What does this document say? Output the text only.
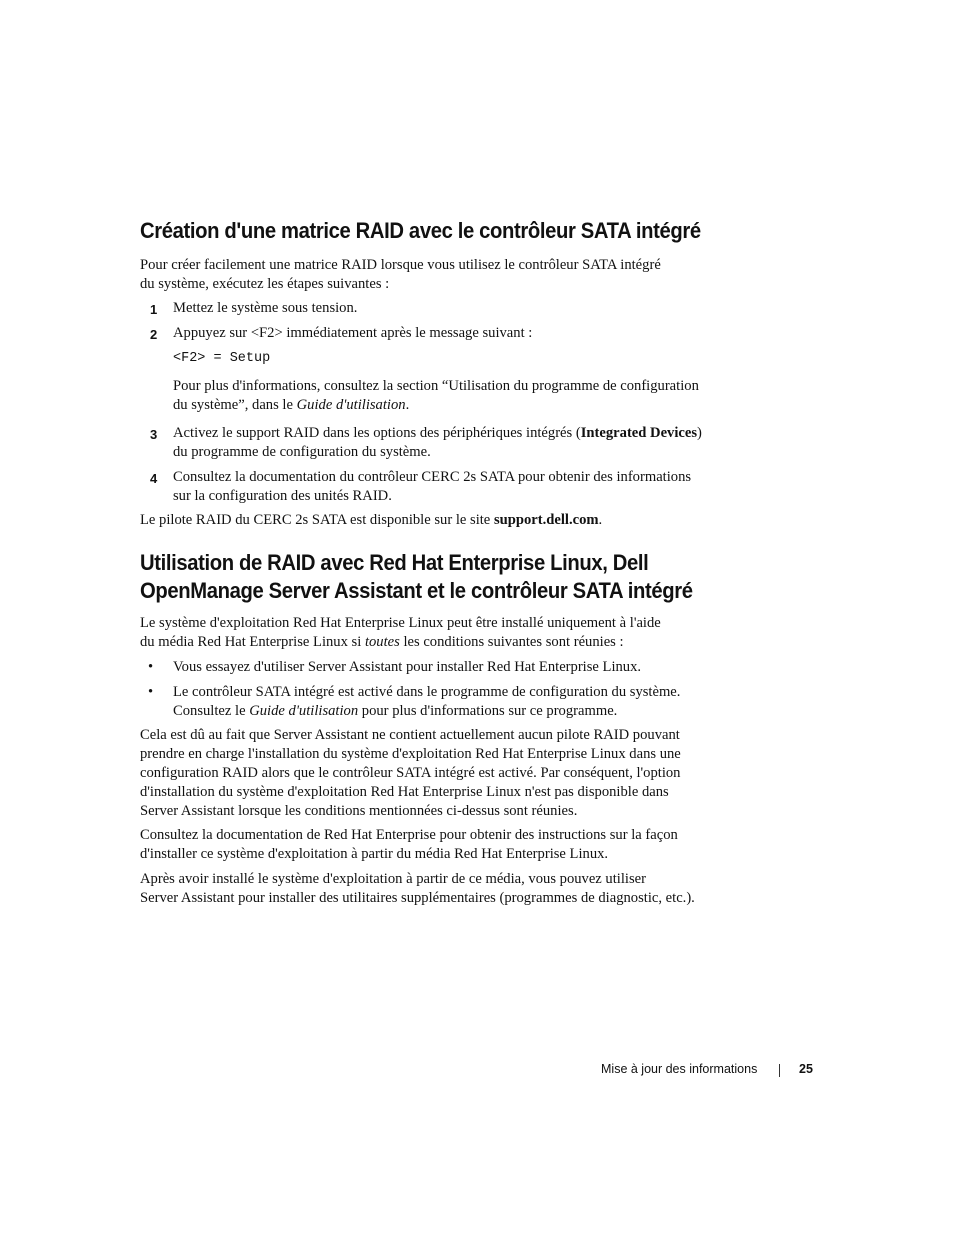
Création d'une matrice RAID avec le contrôleur SATA intégré

Pour créer facilement une matrice RAID lorsque vous utilisez le contrôleur SATA intégré

du système, exécutez les étapes suivantes :

1 Mettez le système sous tension.
2 Appuyez sur <F2> immédiatement après le message suivant :
<F2> = Setup

Pour plus d'informations, consultez la section “Utilisation du programme de configuration

du système”, dans le Guide d'utilisation.

3 Activez le support RAID dans les options des périphériques intégrés (Integrated Devices)

du programme de configuration du système.

4 Consultez la documentation du contrôleur CERC 2s SATA pour obtenir des informations

sur la configuration des unités RAID.

Le pilote RAID du CERC 2s SATA est disponible sur le site support.dell.com.
Utilisation de RAID avec Red Hat Enterprise Linux, Dell
OpenManage Server Assistant et le contrôleur SATA intégré

Le système d'exploitation Red Hat Enterprise Linux peut être installé uniquement à l'aide

du média Red Hat Enterprise Linux si toutes les conditions suivantes sont réunies :

• Vous essayez d'utiliser Server Assistant pour installer Red Hat Enterprise Linux.
• Le contrôleur SATA intégré est activé dans le programme de configuration du système.

Consultez le Guide d'utilisation pour plus d'informations sur ce programme.

Cela est dû au fait que Server Assistant ne contient actuellement aucun pilote RAID pouvant

prendre en charge l'installation du système d'exploitation Red Hat Enterprise Linux dans une

configuration RAID alors que le contrôleur SATA intégré est activé. Par conséquent, l'option

d'installation du système d'exploitation Red Hat Enterprise Linux n'est pas disponible dans

Server Assistant lorsque les conditions mentionnées ci-dessus sont réunies.

Consultez la documentation de Red Hat Enterprise pour obtenir des instructions sur la façon

d'installer ce système d'exploitation à partir du média Red Hat Enterprise Linux.

Après avoir installé le système d'exploitation à partir de ce média, vous pouvez utiliser

Server Assistant pour installer des utilitaires supplémentaires (programmes de diagnostic, etc.).

Mise à jour des informations	25
